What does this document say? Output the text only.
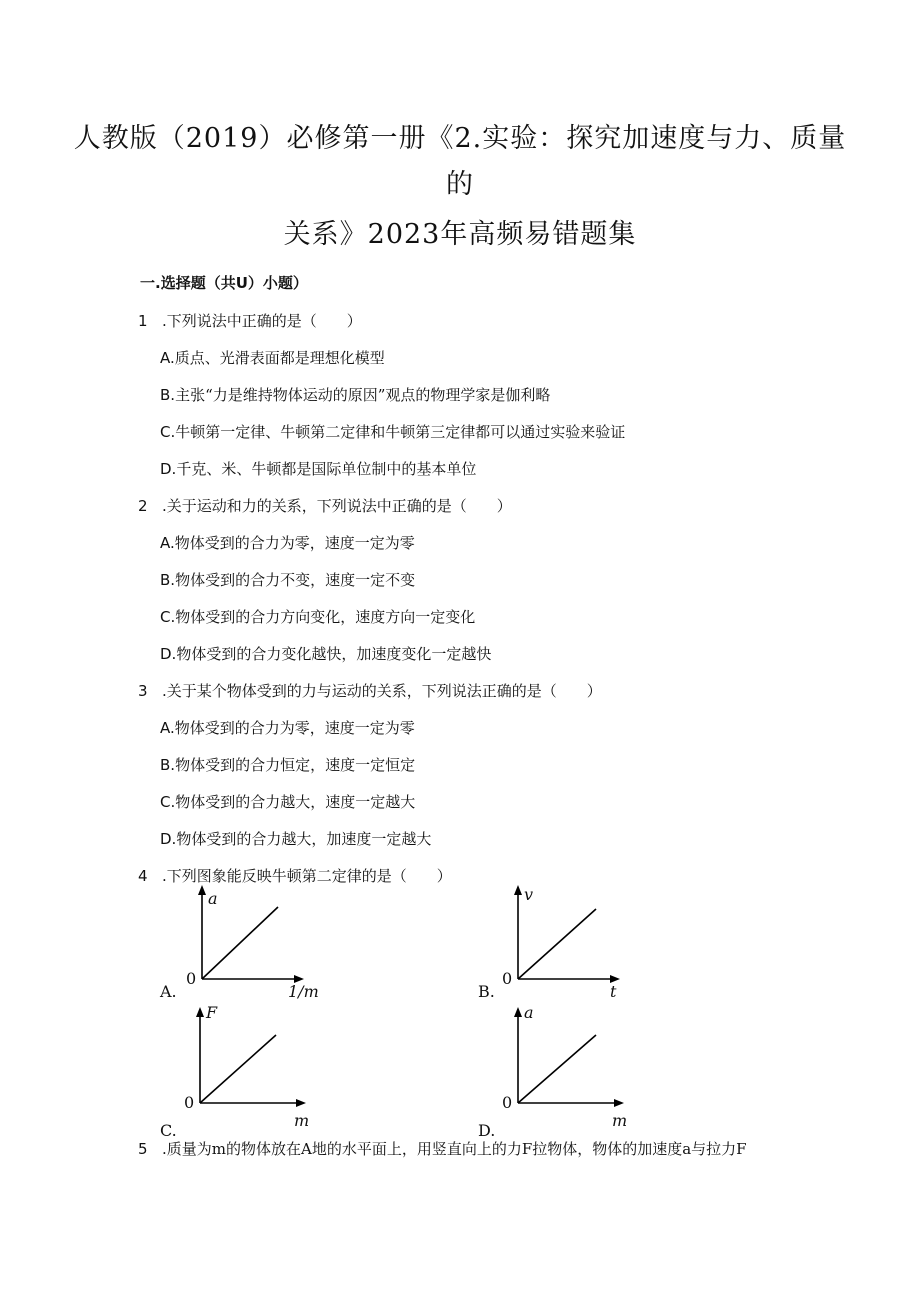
人教版（2019）必修第一册《2.实验：探究加速度与力、质量
的
关系》2023年高频易错题集
一.选择题（共U）小题）
1 .下列说法中正确的是（　　）
A.质点、光滑表面都是理想化模型
B.主张“力是维持物体运动的原因”观点的物理学家是伽利略
C.牛顿第一定律、牛顿第二定律和牛顿第三定律都可以通过实验来验证
D.千克、米、牛顿都是国际单位制中的基本单位
2 .关于运动和力的关系，下列说法中正确的是（　　）
A.物体受到的合力为零，速度一定为零
B.物体受到的合力不变，速度一定不变
C.物体受到的合力方向变化，速度方向一定变化
D.物体受到的合力变化越快，加速度变化一定越快
3 .关于某个物体受到的力与运动的关系，下列说法正确的是（　　）
A.物体受到的合力为零，速度一定为零
B.物体受到的合力恒定，速度一定恒定
C.物体受到的合力越大，速度一定越大
D.物体受到的合力越大，加速度一定越大
4 .下列图象能反映牛顿第二定律的是（　　）
A.
a
0
1/m	B.
v
0
t
C.
F
0
m
D.
a
0
m
5 .质量为m的物体放在A地的水平面上，用竖直向上的力F拉物体，物体的加速度a与拉力F
